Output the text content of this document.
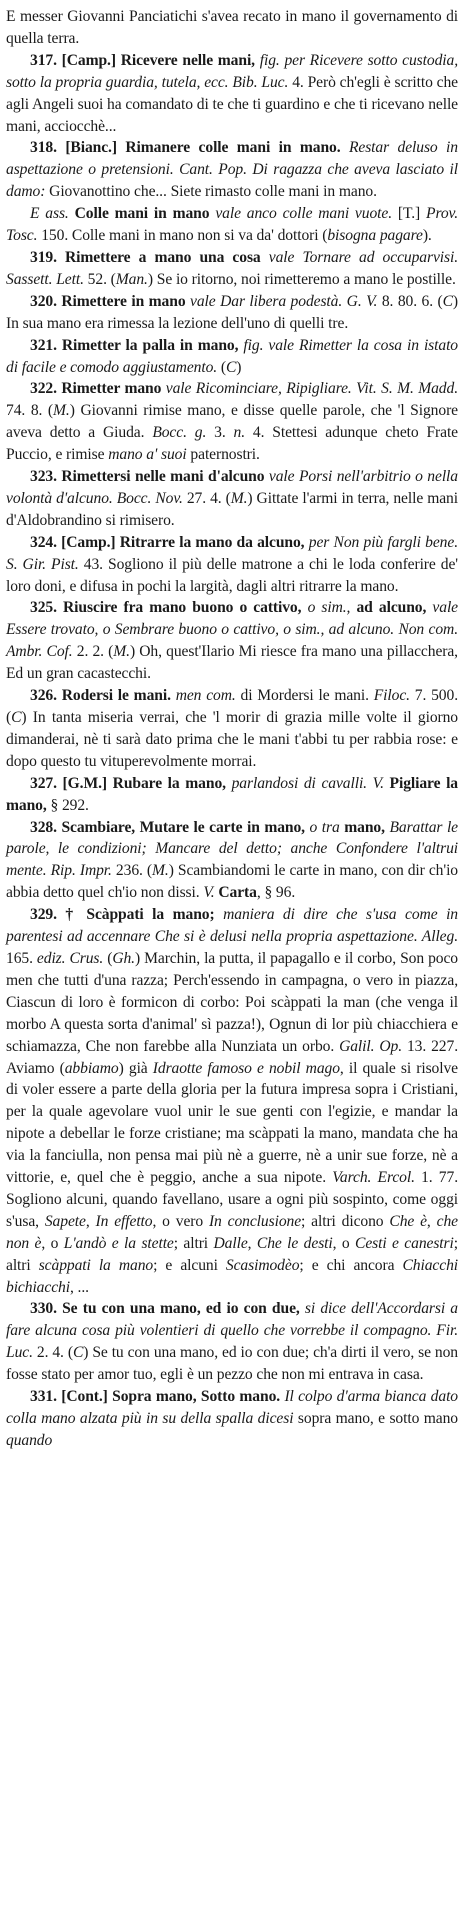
E messer Giovanni Panciatichi s'avea recato in mano il governamento di quella terra.

317. [Camp.] Ricevere nelle mani, fig. per Ricevere sotto custodia, sotto la propria guardia, tutela, ecc. Bib. Luc. 4. Però ch'egli è scritto che agli Angeli suoi ha comandato di te che ti guardino e che ti ricevano nelle mani, acciocchè...

318. [Bianc.] Rimanere colle mani in mano. Restar deluso in aspettazione o pretensioni. Cant. Pop. Di ragazza che aveva lasciato il damo: Giovanottino che... Siete rimasto colle mani in mano.

E ass. Colle mani in mano vale anco colle mani vuote. [T.] Prov. Tosc. 150. Colle mani in mano non si va da' dottori (bisogna pagare).

319. Rimettere a mano una cosa vale Tornare ad occuparvisi. Sassett. Lett. 52. (Man.) Se io ritorno, noi rimetteremo a mano le postille.

320. Rimettere in mano vale Dar libera podestà. G. V. 8. 80. 6. (C) In sua mano era rimessa la lezione dell'uno di quelli tre.

321. Rimetter la palla in mano, fig. vale Rimetter la cosa in istato di facile e comodo aggiustamento. (C)

322. Rimetter mano vale Ricominciare, Ripigliare. Vit. S. M. Madd. 74. 8. (M.) Giovanni rimise mano, e disse quelle parole, che 'l Signore aveva detto a Giuda. Bocc. g. 3. n. 4. Stettesi adunque cheto Frate Puccio, e rimise mano a' suoi paternostri.

323. Rimettersi nelle mani d'alcuno vale Porsi nell'arbitrio o nella volontà d'alcuno. Bocc. Nov. 27. 4. (M.) Gittate l'armi in terra, nelle mani d'Aldobrandino si rimisero.

324. [Camp.] Ritrarre la mano da alcuno, per Non più fargli bene. S. Gir. Pist. 43. Sogliono il più delle matrone a chi le loda conferire de' loro doni, e difusa in pochi la largità, dagli altri ritrarre la mano.

325. Riuscire fra mano buono o cattivo, o sim., ad alcuno, vale Essere trovato, o Sembrare buono o cattivo, o sim., ad alcuno. Non com. Ambr. Cof. 2. 2. (M.) Oh, quest'Ilario Mi riesce fra mano una pillacchera, Ed un gran cacastecchi.

326. Rodersi le mani. men com. di Mordersi le mani. Filoc. 7. 500. (C) In tanta miseria verrai, che 'l morir di grazia mille volte il giorno dimanderai, nè ti sarà dato prima che le mani t'abbi tu per rabbia rose: e dopo questo tu vituperevolmente morrai.

327. [G.M.] Rubare la mano, parlandosi di cavalli. V. Pigliare la mano, § 292.

328. Scambiare, Mutare le carte in mano, o tra mano, Barattar le parole, le condizioni; Mancare del detto; anche Confondere l'altrui mente. Rip. Impr. 236. (M.) Scambiandomi le carte in mano, con dir ch'io abbia detto quel ch'io non dissi. V. Carta, § 96.

329. † Scàppati la mano; maniera di dire che s'usa come in parentesi ad accennare Che si è delusi nella propria aspettazione. Alleg. 165. ediz. Crus. (Gh.) Marchin, la putta, il papagallo e il corbo, Son poco men che tutti d'una razza; Perch'essendo in campagna, o vero in piazza, Ciascun di loro è formicon di corbo: Poi scàppati la man (che venga il morbo A questa sorta d'animal' sì pazza!), Ognun di lor più chiacchiera e schiamazza, Che non farebbe alla Nunziata un orbo. Galil. Op. 13. 227. Aviamo (abbiamo) già Idraotte famoso e nobil mago, il quale si risolve di voler essere a parte della gloria per la futura impresa sopra i Cristiani, per la quale agevolare vuol unir le sue genti con l'egizie, e mandar la nipote a debellar le forze cristiane; ma scàppati la mano, mandata che ha via la fanciulla, non pensa mai più nè a guerre, nè a unir sue forze, nè a vittorie, e, quel che è peggio, anche a sua nipote. Varch. Ercol. 1. 77. Sogliono alcuni, quando favellano, usare a ogni più sospinto, come oggi s'usa, Sapete, In effetto, o vero In conclusione; altri dicono Che è, che non è, o L'andò e la stette; altri Dalle, Che le desti, o Cesti e canestri; altri scàppati la mano; e alcuni Scasimodèo; e chi ancora Chiacchi bichiacchi, ...

330. Se tu con una mano, ed io con due, si dice dell'Accordarsi a fare alcuna cosa più volentieri di quello che vorrebbe il compagno. Fir. Luc. 2. 4. (C) Se tu con una mano, ed io con due; ch'a dirti il vero, se non fosse stato per amor tuo, egli è un pezzo che non mi entrava in casa.

331. [Cont.] Sopra mano, Sotto mano. Il colpo d'arma bianca dato colla mano alzata più in su della spalla dicesi sopra mano, e sotto mano quando
